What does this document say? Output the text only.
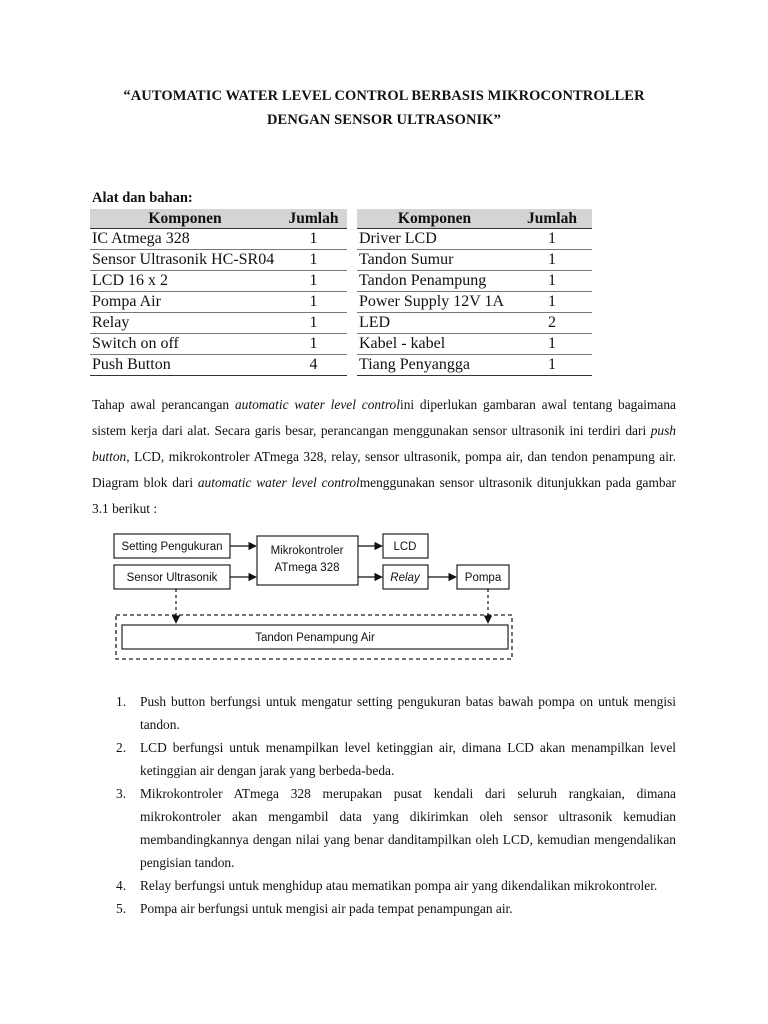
“AUTOMATIC WATER LEVEL CONTROL BERBASIS MIKROCONTROLLER
DENGAN SENSOR ULTRASONIK”
Alat dan bahan:
Komponen	Jumlah	Komponen	Jumlah
IC Atmega 328	1	Driver LCD	1
Sensor Ultrasonik HC-SR04	1	Tandon Sumur	1
LCD 16 x 2	1	Tandon Penampung	1
Pompa Air	1	Power Supply 12V 1A	1
Relay	1	LED	2
Switch on off	1	Kabel - kabel	1
Push Button	4	Tiang Penyangga	1
Tahap awal perancangan automatic water level controlini diperlukan gambaran awal tentang bagaimana sistem kerja dari alat. Secara garis besar, perancangan menggunakan sensor ultrasonik ini terdiri dari push button, LCD, mikrokontroler ATmega 328, relay, sensor ultrasonik, pompa air, dan tendon penampung air. Diagram blok dari automatic water level controlmenggunakan sensor ultrasonik ditunjukkan pada gambar 3.1 berikut :
Setting Pengukuran
Sensor Ultrasonik
Mikrokontroler
ATmega 328
LCD
Relay	Pompa
Tandon Penampung Air
1. Push button berfungsi untuk mengatur setting pengukuran batas bawah pompa on untuk mengisi tandon.
2. LCD berfungsi untuk menampilkan level ketinggian air, dimana LCD akan menampilkan level ketinggian air dengan jarak yang berbeda-beda.
3. Mikrokontroler ATmega 328 merupakan pusat kendali dari seluruh rangkaian, dimana mikrokontroler akan mengambil data yang dikirimkan oleh sensor ultrasonik kemudian membandingkannya dengan nilai yang benar danditampilkan oleh LCD, kemudian mengendalikan pengisian tandon.
4. Relay berfungsi untuk menghidup atau mematikan pompa air yang dikendalikan mikrokontroler.
5. Pompa air berfungsi untuk mengisi air pada tempat penampungan air.
